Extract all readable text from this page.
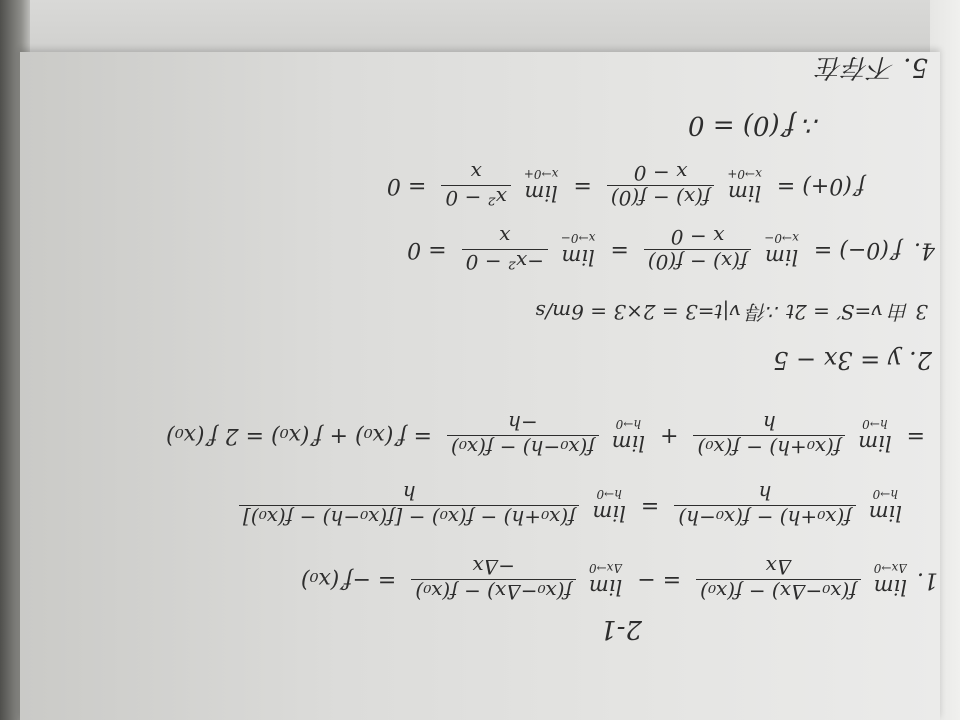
2-1
1.
lim
Δx→0

f(x₀−Δx) − f(x₀)
Δx
= −
lim
Δx→0

f(x₀−Δx) − f(x₀)
−Δx
= −f′(x₀)
lim
h→0

f(x₀+h) − f(x₀−h)
h
=
lim
h→0

f(x₀+h) − f(x₀) − [f(x₀−h) − f(x₀)]
h
=
lim
h→0

f(x₀+h) − f(x₀)
h
+
lim
h→0

f(x₀−h) − f(x₀)
−h
= f′(x₀) + f′(x₀) = 2 f′(x₀)
2. y = 3x − 5
3 由 v=S′ = 2t ∴得 v|t=3 = 2×3 = 6m/s
4. f′(0−) =
lim
x→0−

f(x) − f(0)
x − 0
=
lim
x→0−

−x² − 0
x
= 0
f′(0+) =
lim
x→0+

f(x) − f(0)
x − 0
=
lim
x→0+

x² − 0
x
= 0
∴ f′(0) = 0
5. 不存在
